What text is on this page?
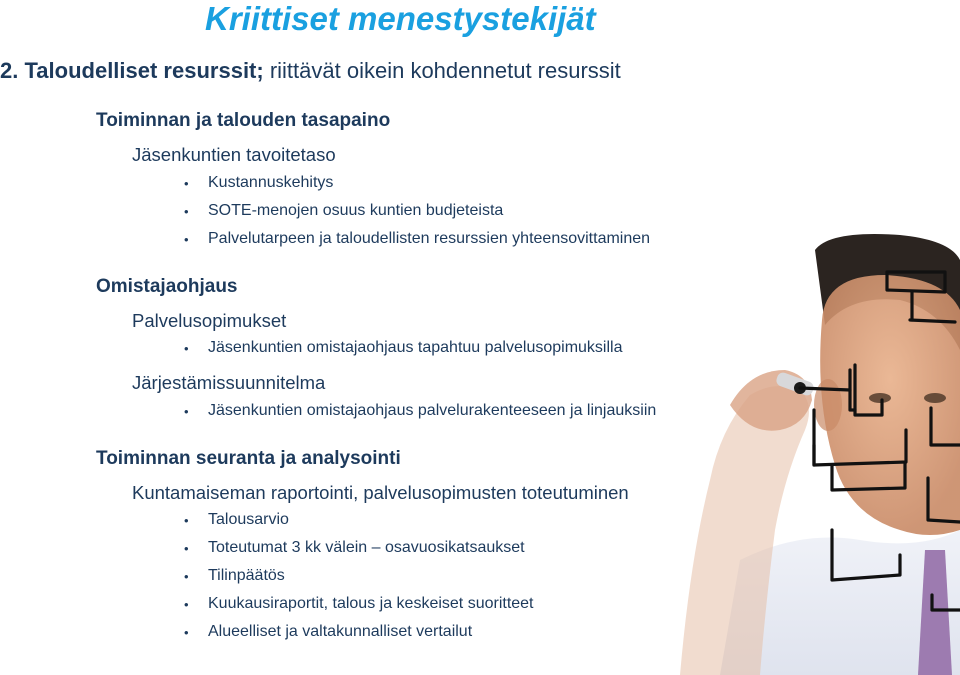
Kriittiset menestystekijät
2. Taloudelliset resurssit; riittävät oikein kohdennetut resurssit
Toiminnan ja talouden tasapaino
Jäsenkuntien tavoitetaso
• Kustannuskehitys
• SOTE-menojen osuus kuntien budjeteista
• Palvelutarpeen ja taloudellisten resurssien yhteensovittaminen
Omistajaohjaus
Palvelusopimukset
• Jäsenkuntien omistajaohjaus tapahtuu palvelusopimuksilla
Järjestämissuunnitelma
• Jäsenkuntien omistajaohjaus palvelurakenteeseen ja linjauksiin
Toiminnan seuranta ja analysointi
Kuntamaiseman raportointi, palvelusopimusten toteutuminen
• Talousarvio
• Toteutumat 3 kk välein – osavuosikatsaukset
• Tilinpäätös
• Kuukausiraportit, talous ja keskeiset suoritteet
• Alueelliset ja valtakunnalliset vertailut
